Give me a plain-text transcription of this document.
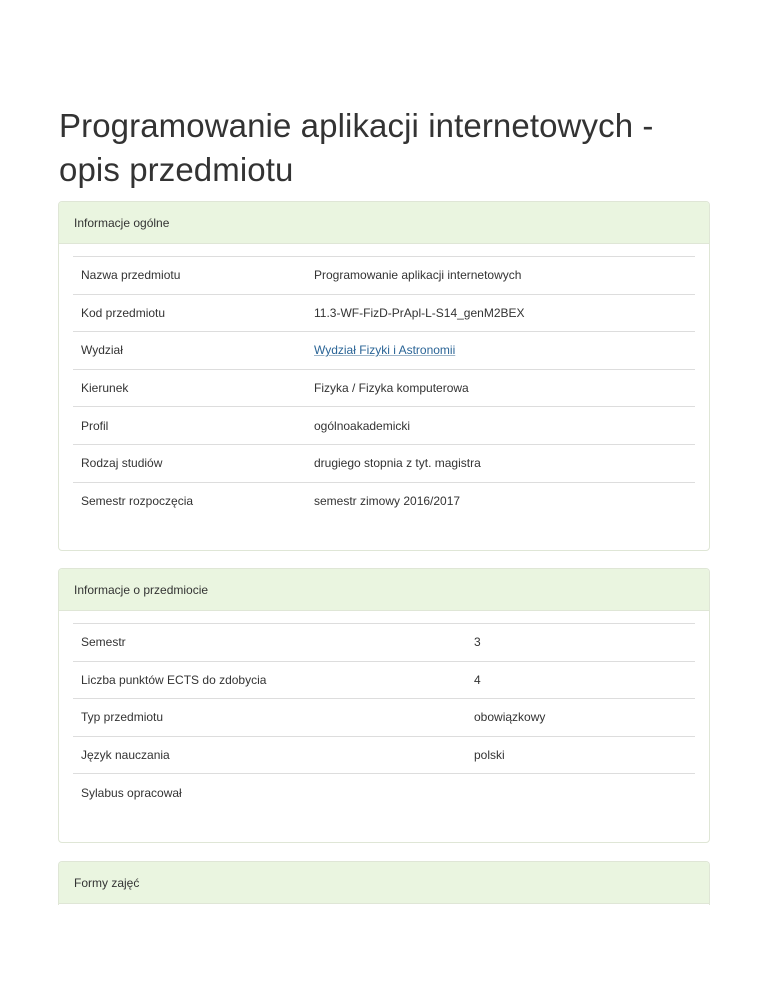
Programowanie aplikacji internetowych - opis przedmiotu
Informacje ogólne
Nazwa przedmiotu	Programowanie aplikacji internetowych
Kod przedmiotu	11.3-WF-FizD-PrApl-L-S14_genM2BEX
Wydział	Wydział Fizyki i Astronomii
Kierunek	Fizyka / Fizyka komputerowa
Profil	ogólnoakademicki
Rodzaj studiów	drugiego stopnia z tyt. magistra
Semestr rozpoczęcia	semestr zimowy 2016/2017
Informacje o przedmiocie
Semestr	3
Liczba punktów ECTS do zdobycia	4
Typ przedmiotu	obowiązkowy
Język nauczania	polski
Sylabus opracował	
Formy zajęć
